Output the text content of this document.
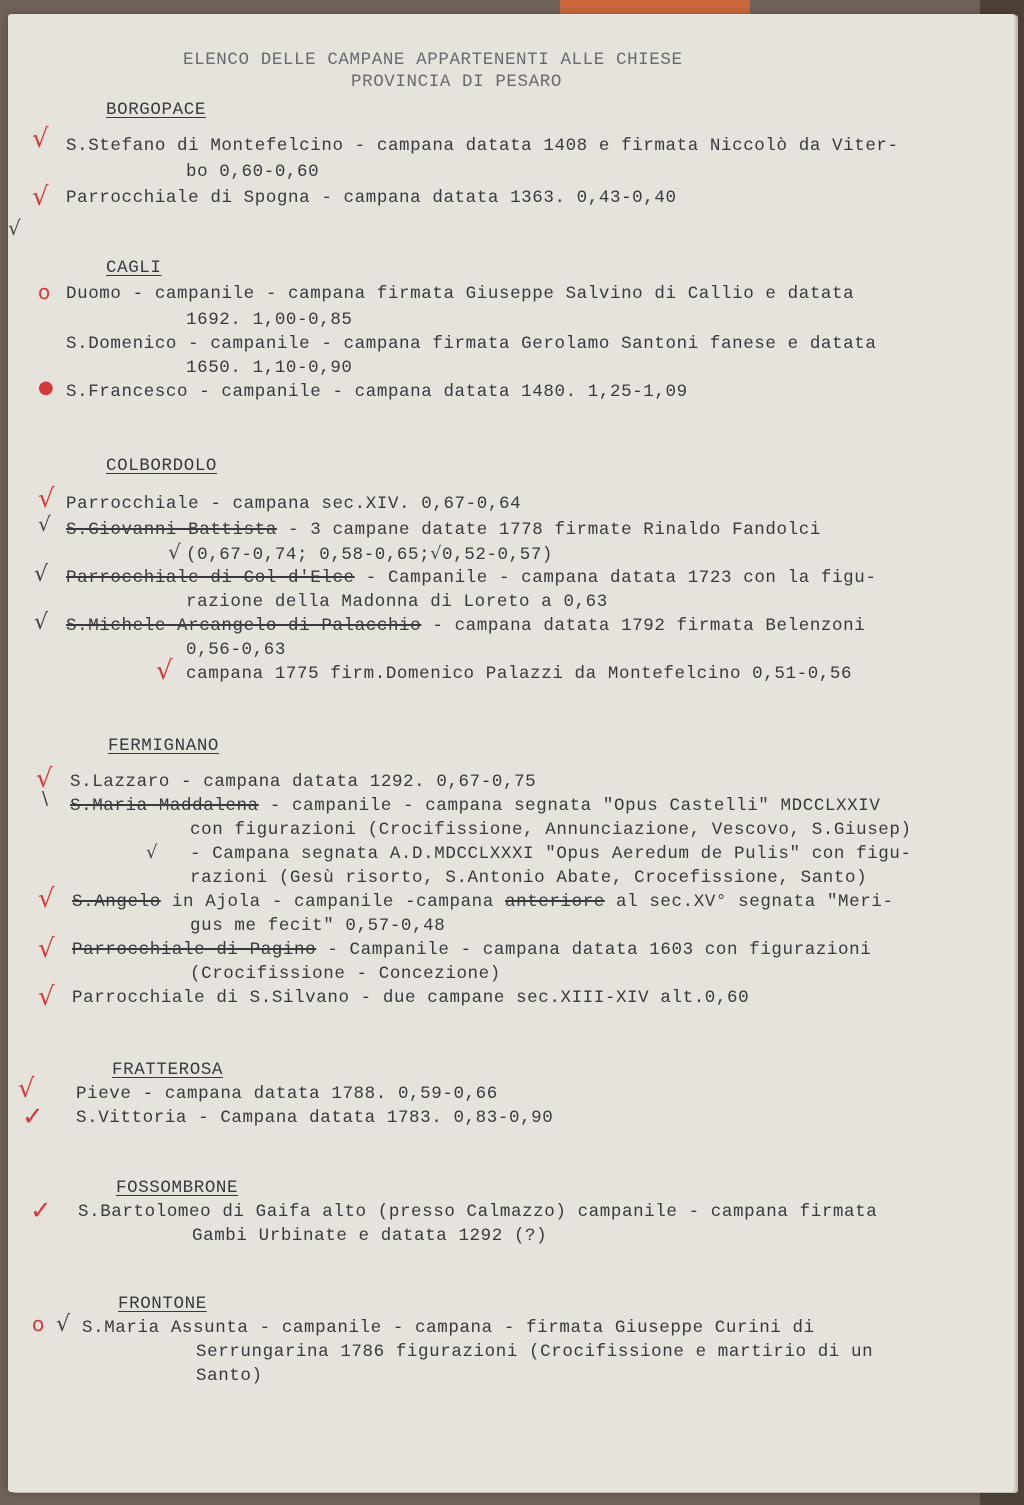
ELENCO DELLE CAMPANE APPARTENENTI ALLE CHIESE
PROVINCIA DI PESARO
BORGOPACE
√ S.Stefano di Montefelcino - campana datata 1408 e firmata Niccolò da Viter-
bo 0,60-0,60
√ Parrocchiale di Spogna - campana datata 1363. 0,43-0,40
√
CAGLI
o Duomo - campanile - campana firmata Giuseppe Salvino di Callio e datata
1692. 1,00-0,85
S.Domenico - campanile - campana firmata Gerolamo Santoni fanese e datata
1650. 1,10-0,90
● S.Francesco - campanile - campana datata 1480. 1,25-1,09
COLBORDOLO
√ Parrocchiale - campana sec.XIV. 0,67-0,64
√ S.Giovanni Battista - 3 campane datate 1778 firmate Rinaldo Fandolci
√ (0,67-0,74; 0,58-0,65;√0,52-0,57)
√ Parrocchiale di Col d'Elce - Campanile - campana datata 1723 con la figu-
razione della Madonna di Loreto a 0,63
√ S.Michele Arcangelo di Palacchio - campana datata 1792 firmata Belenzoni
0,56-0,63
√ campana 1775 firm.Domenico Palazzi da Montefelcino 0,51-0,56
FERMIGNANO
√ S.Lazzaro - campana datata 1292. 0,67-0,75
\ S.Maria Maddalena - campanile - campana segnata "Opus Castelli" MDCCLXXIV
con figurazioni (Crocifissione, Annunciazione, Vescovo, S.Giusep)
√ - Campana segnata A.D.MDCCLXXXI "Opus Aeredum de Pulis" con figu-
razioni (Gesù risorto, S.Antonio Abate, Crocefissione, Santo)
√ S.Angelo in Ajola - campanile -campana anteriore al sec.XV° segnata "Meri-
gus me fecit" 0,57-0,48
√ Parrocchiale di Pagino - Campanile - campana datata 1603 con figurazioni
(Crocifissione - Concezione)
√ Parrocchiale di S.Silvano - due campane sec.XIII-XIV alt.0,60
FRATTEROSA
√ Pieve - campana datata 1788. 0,59-0,66
✓ S.Vittoria - Campana datata 1783. 0,83-0,90
FOSSOMBRONE
✓ S.Bartolomeo di Gaifa alto (presso Calmazzo) campanile - campana firmata
Gambi Urbinate e datata 1292 (?)
FRONTONE
o √ S.Maria Assunta - campanile - campana - firmata Giuseppe Curini di
Serrungarina 1786 figurazioni (Crocifissione e martirio di un
Santo)
